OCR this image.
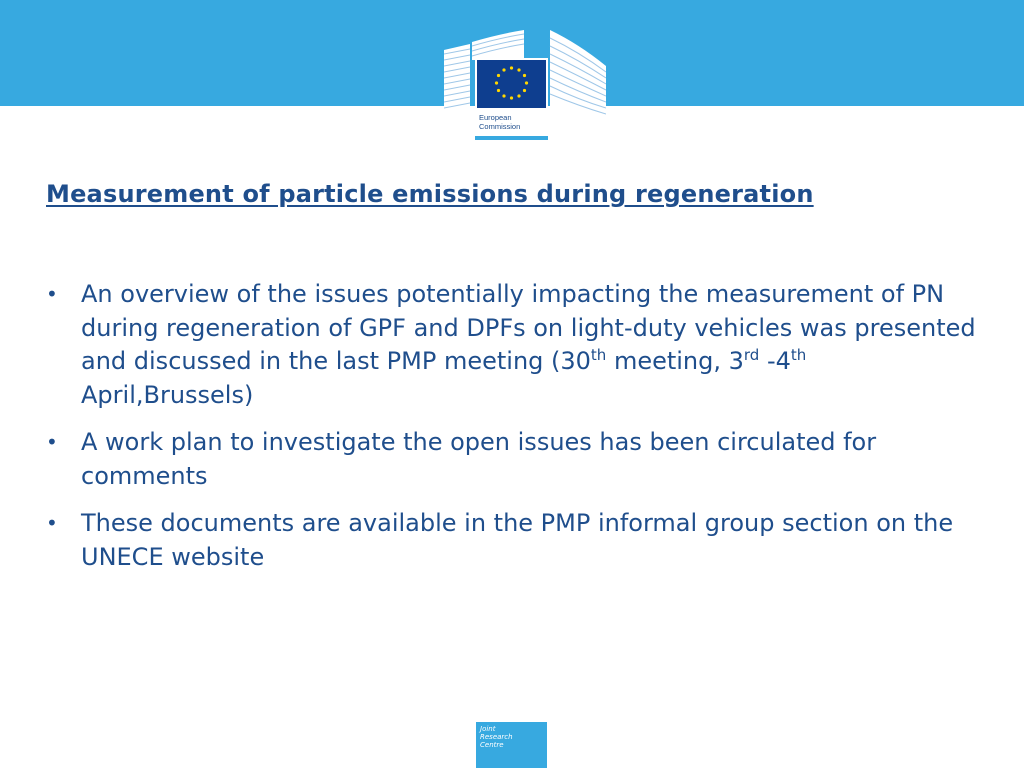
European
Commission
Measurement of particle emissions during regeneration
• An overview of the issues potentially impacting the measurement of PN during regeneration of GPF and DPFs on light-duty vehicles was presented and discussed in the last PMP meeting (30th meeting, 3rd -4th April,Brussels)
• A work plan to investigate the open issues has been circulated for comments
• These documents are available in the PMP informal group section on the UNECE website
Joint
Research
Centre
